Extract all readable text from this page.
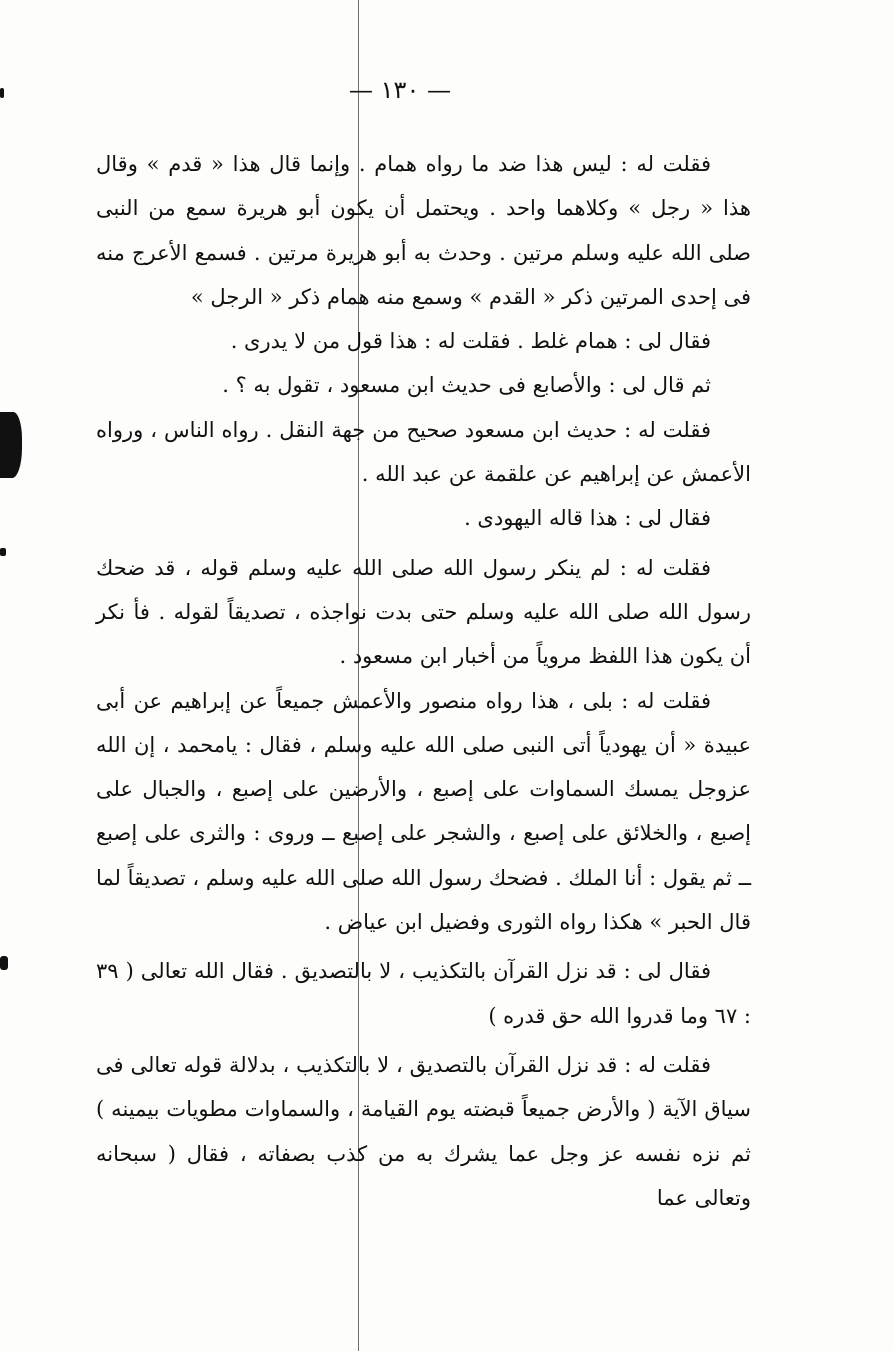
— ١٣٠ —

فقلت له : ليس هذا ضد ما رواه همام . وإنما قال هذا « قدم » وقال هذا « رجل » وكلاهما واحد . ويحتمل أن يكون أبو هريرة سمع من النبى صلى الله عليه وسلم مرتين . وحدث به أبو هريرة مرتين . فسمع الأعرج منه فى إحدى المرتين ذكر « القدم » وسمع منه همام ذكر « الرجل »

فقال لى : همام غلط . فقلت له : هذا قول من لا يدرى .

ثم قال لى : والأصابع فى حديث ابن مسعود ، تقول به ؟ .

فقلت له : حديث ابن مسعود صحيح من جهة النقل . رواه الناس ، ورواه الأعمش عن إبراهيم عن علقمة عن عبد الله .

فقال لى : هذا قاله اليهودى .

فقلت له : لم ينكر رسول الله صلى الله عليه وسلم قوله ، قد ضحك رسول الله صلى الله عليه وسلم حتى بدت نواجذه ، تصديقاً لقوله . فأ نكر أن يكون هذا اللفظ مروياً من أخبار ابن مسعود .

فقلت له : بلى ، هذا رواه منصور والأعمش جميعاً عن إبراهيم عن أبى عبيدة « أن يهودياً أتى النبى صلى الله عليه وسلم ، فقال : يامحمد ، إن الله عزوجل يمسك السماوات على إصبع ، والأرضين على إصبع ، والجبال على إصبع ، والخلائق على إصبع ، والشجر على إصبع ــ وروى : والثرى على إصبع ــ ثم يقول : أنا الملك . فضحك رسول الله صلى الله عليه وسلم ، تصديقاً لما قال الحبر » هكذا رواه الثورى وفضيل ابن عياض .

فقال لى : قد نزل القرآن بالتكذيب ، لا بالتصديق . فقال الله تعالى ( ٣٩ : ٦٧ وما قدروا الله حق قدره )

فقلت له : قد نزل القرآن بالتصديق ، لا بالتكذيب ، بدلالة قوله تعالى فى سياق الآية ( والأرض جميعاً قبضته يوم القيامة ، والسماوات مطويات بيمينه ) ثم نزه نفسه عز وجل عما يشرك به من كذب بصفاته ، فقال ( سبحانه وتعالى عما
